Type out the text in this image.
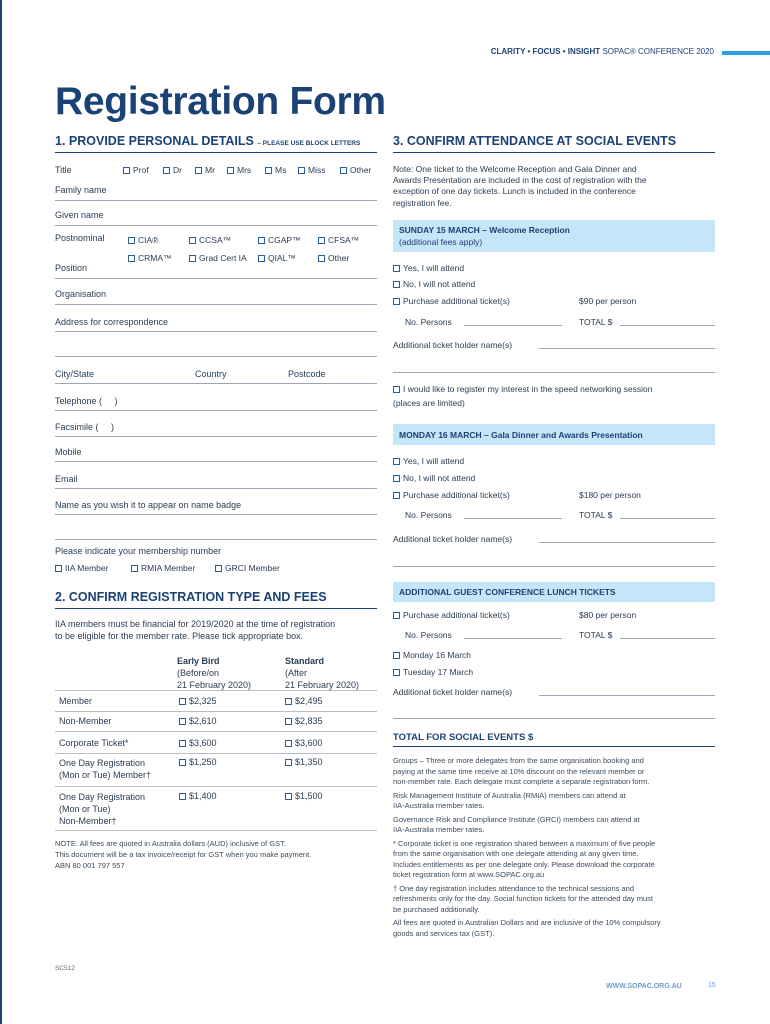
CLARITY • FOCUS • INSIGHT SOPAC® CONFERENCE 2020
Registration Form
1. PROVIDE PERSONAL DETAILS – PLEASE USE BLOCK LETTERS
Title	Prof	Dr	Mr	Mrs	Ms	Miss	Other
Family name
Given name
Postnominal	CIA®	CCSA™	CGAP™	CFSA™
CRMA™	Grad Cert IA	QIAL™	Other
Position
Organisation
Address for correspondence
City/State	Country	Postcode
Telephone (     )
Facsimile (     )
Mobile
Email
Name as you wish it to appear on name badge
Please indicate your membership number
IIA Member	RMIA Member	GRCI Member
2. CONFIRM REGISTRATION TYPE AND FEES
IIA members must be financial for 2019/2020 at the time of registration
to be eligible for the member rate. Please tick appropriate box.
Early Bird
(Before/on
21 February 2020)
Standard
(After
21 February 2020)
Member	$2,325	$2,495
Non-Member	$2,610	$2,835
Corporate Ticket*	$3,600	$3,600
One Day Registration
(Mon or Tue) Member†
$1,250	$1,350
One Day Registration
(Mon or Tue)
Non-Member†
$1,400	$1,500
NOTE: All fees are quoted in Australia dollars (AUD) inclusive of GST.
This document will be a tax invoice/receipt for GST when you make payment.
ABN 80 001 797 557
3. CONFIRM ATTENDANCE AT SOCIAL EVENTS
Note: One ticket to the Welcome Reception and Gala Dinner and
Awards Presentation are included in the cost of registration with the
exception of one day tickets. Lunch is included in the conference
registration fee.
SUNDAY 15 MARCH – Welcome Reception
(additional fees apply)
Yes, I will attend
No, I will not attend
Purchase additional ticket(s)	$90 per person
No. Persons	TOTAL $
Additional ticket holder name(s)
I would like to register my interest in the speed networking session
(places are limited)
MONDAY 16 MARCH – Gala Dinner and Awards Presentation
Yes, I will attend
No, I will not attend
Purchase additional ticket(s)	$180 per person
No. Persons	TOTAL $
Additional ticket holder name(s)
ADDITIONAL GUEST CONFERENCE LUNCH TICKETS
Purchase additional ticket(s)	$80 per person
No. Persons	TOTAL $
Monday 16 March
Tuesday 17 March
Additional ticket holder name(s)
TOTAL FOR SOCIAL EVENTS $
Groups – Three or more delegates from the same organisation booking and
paying at the same time receive at 10% discount on the relevant member or
non-member rate. Each delegate must complete a separate registration form.
Risk Management Institute of Australia (RMIA) members can attend at
IIA-Australia member rates.
Governance Risk and Compliance Institute (GRCI) members can attend at
IIA-Australia member rates.
* Corporate ticket is one registration shared between a maximum of five people
from the same organisation with one delegate attending at any given time.
Includes entitlements as per one delegate only. Please download the corporate
ticket registration form at www.SOPAC.org.au
† One day registration includes attendance to the technical sessions and
refreshments only for the day. Social function tickets for the attended day must
be purchased additionally.
All fees are quoted in Australian Dollars and are inclusive of the 10% compulsory
goods and services tax (GST).
SC512
WWW.SOPAC.ORG.AU	15
